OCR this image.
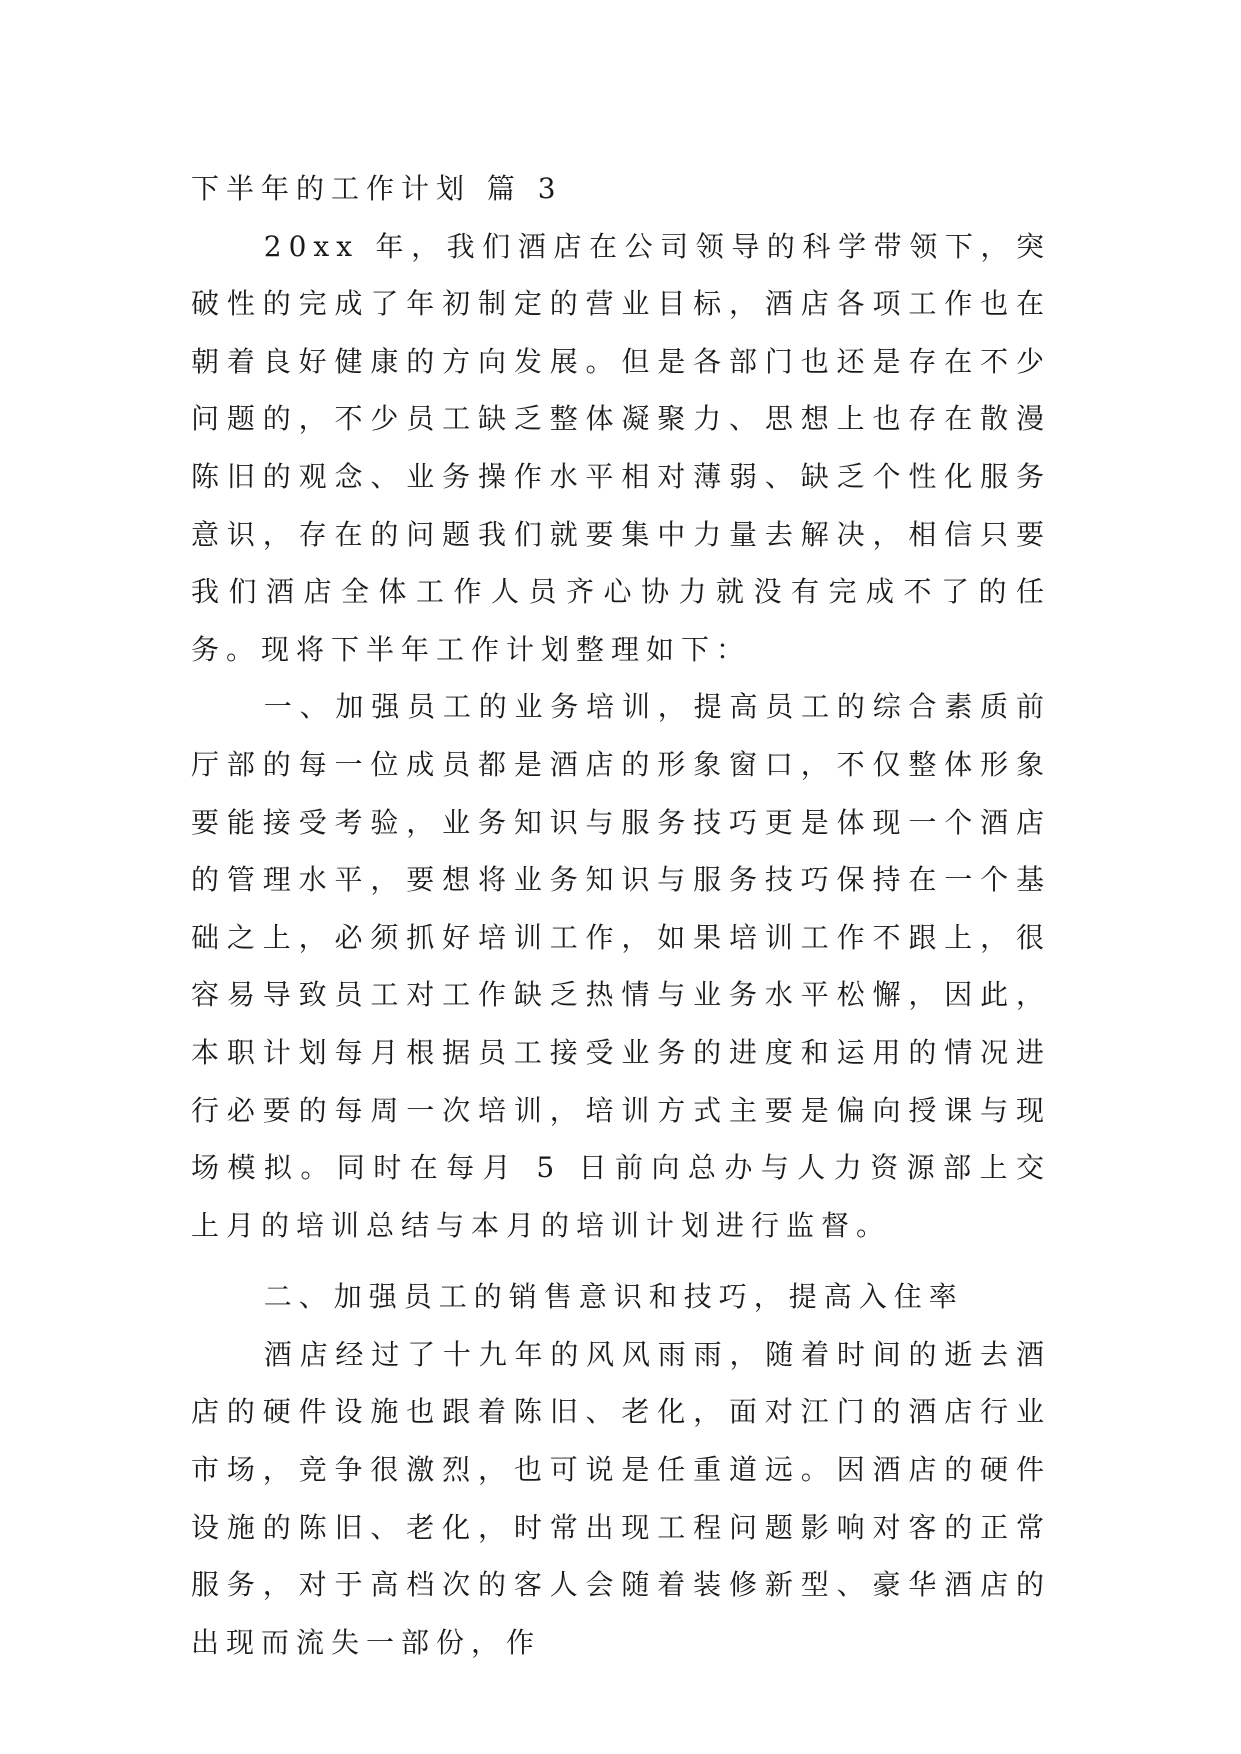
下半年的工作计划 篇 3

20xx 年，我们酒店在公司领导的科学带领下，突破性的完成了年初制定的营业目标，酒店各项工作也在朝着良好健康的方向发展。但是各部门也还是存在不少问题的，不少员工缺乏整体凝聚力、思想上也存在散漫陈旧的观念、业务操作水平相对薄弱、缺乏个性化服务意识，存在的问题我们就要集中力量去解决，相信只要我们酒店全体工作人员齐心协力就没有完成不了的任务。现将下半年工作计划整理如下：

一、加强员工的业务培训，提高员工的综合素质前厅部的每一位成员都是酒店的形象窗口，不仅整体形象要能接受考验，业务知识与服务技巧更是体现一个酒店的管理水平，要想将业务知识与服务技巧保持在一个基础之上，必须抓好培训工作，如果培训工作不跟上，很容易导致员工对工作缺乏热情与业务水平松懈，因此，本职计划每月根据员工接受业务的进度和运用的情况进行必要的每周一次培训，培训方式主要是偏向授课与现场模拟。同时在每月 5 日前向总办与人力资源部上交上月的培训总结与本月的培训计划进行监督。

二、加强员工的销售意识和技巧，提高入住率

酒店经过了十九年的风风雨雨，随着时间的逝去酒店的硬件设施也跟着陈旧、老化，面对江门的酒店行业市场，竞争很激烈，也可说是任重道远。因酒店的硬件设施的陈旧、老化，时常出现工程问题影响对客的正常服务，对于高档次的客人会随着装修新型、豪华酒店的出现而流失一部份，作
